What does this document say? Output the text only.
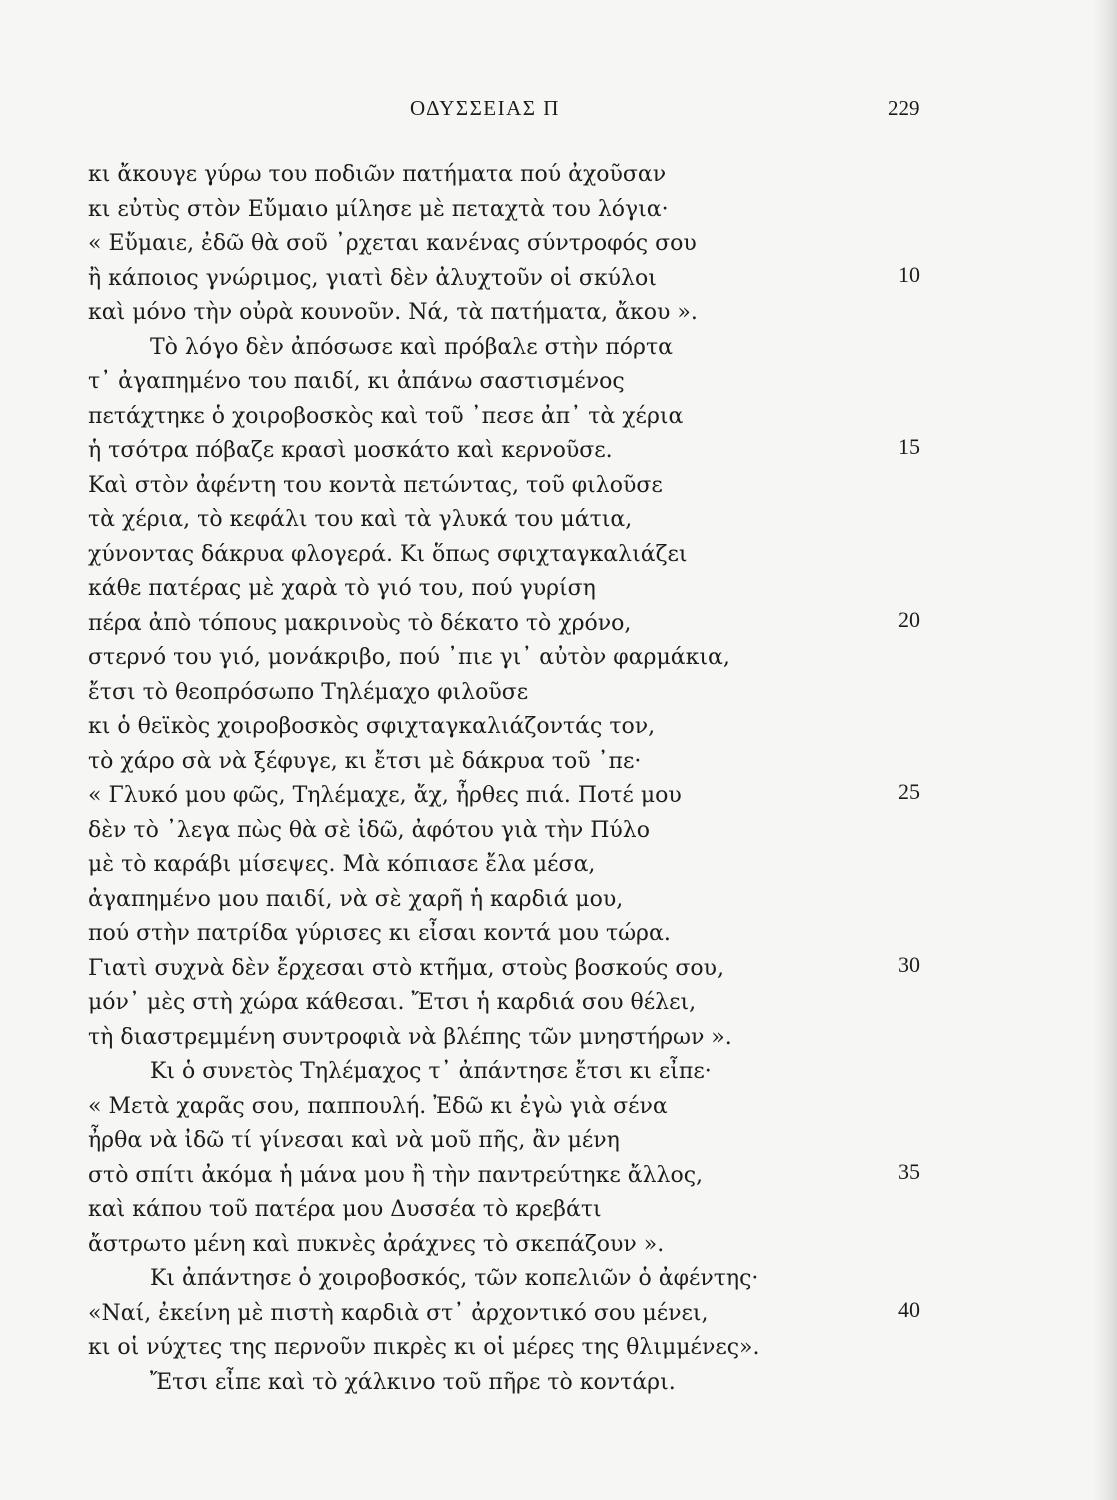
ΟΔΥΣΣΕΙΑΣ Π	229
κι ἄκουγε γύρω του ποδιῶν πατήματα πού ἀχοῦσαν
κι εὐτὺς στὸν Εὔμαιο μίλησε μὲ πεταχτὰ του λόγια·
« Εὔμαιε, ἐδῶ θὰ σοῦ ᾽ρχεται κανένας σύντροφός σου
ἢ κάποιος γνώριμος, γιατὶ δὲν ἀλυχτοῦν οἱ σκύλοι	10
καὶ μόνο τὴν οὐρὰ κουνοῦν. Νά, τὰ πατήματα, ἄκου ».
Τὸ λόγο δὲν ἀπόσωσε καὶ πρόβαλε στὴν πόρτα
τ᾽ ἀγαπημένο του παιδί, κι ἀπάνω σαστισμένος
πετάχτηκε ὁ χοιροβοσκὸς καὶ τοῦ ᾽πεσε ἀπ᾽ τὰ χέρια
ἡ τσότρα πόβαζε κρασὶ μοσκάτο καὶ κερνοῦσε.	15
Καὶ στὸν ἀφέντη του κοντὰ πετώντας, τοῦ φιλοῦσε
τὰ χέρια, τὸ κεφάλι του καὶ τὰ γλυκά του μάτια,
χύνοντας δάκρυα φλογερά. Κι ὅπως σφιχταγκαλιάζει
κάθε πατέρας μὲ χαρὰ τὸ γιό του, πού γυρίση
πέρα ἀπὸ τόπους μακρινοὺς τὸ δέκατο τὸ χρόνο,	20
στερνό του γιό, μονάκριβο, πού ᾽πιε γι᾽ αὐτὸν φαρμάκια,
ἔτσι τὸ θεοπρόσωπο Τηλέμαχο φιλοῦσε
κι ὁ θεϊκὸς χοιροβοσκὸς σφιχταγκαλιάζοντάς τον,
τὸ χάρο σὰ νὰ ξέφυγε, κι ἔτσι μὲ δάκρυα τοῦ ᾽πε·
« Γλυκό μου φῶς, Τηλέμαχε, ἄχ, ἦρθες πιά. Ποτέ μου	25
δὲν τὸ ᾽λεγα πὼς θὰ σὲ ἰδῶ, ἀφότου γιὰ τὴν Πύλο
μὲ τὸ καράβι μίσεψες. Μὰ κόπιασε ἔλα μέσα,
ἀγαπημένο μου παιδί, νὰ σὲ χαρῆ ἡ καρδιά μου,
πού στὴν πατρίδα γύρισες κι εἶσαι κοντά μου τώρα.
Γιατὶ συχνὰ δὲν ἔρχεσαι στὸ κτῆμα, στοὺς βοσκούς σου,	30
μόν᾽ μὲς στὴ χώρα κάθεσαι. Ἔτσι ἡ καρδιά σου θέλει,
τὴ διαστρεμμένη συντροφιὰ νὰ βλέπης τῶν μνηστήρων ».
Κι ὁ συνετὸς Τηλέμαχος τ᾽ ἀπάντησε ἔτσι κι εἶπε·
« Μετὰ χαρᾶς σου, παππουλή. Ἐδῶ κι ἐγὼ γιὰ σένα
ἦρθα νὰ ἰδῶ τί γίνεσαι καὶ νὰ μοῦ πῆς, ἂν μένη
στὸ σπίτι ἀκόμα ἡ μάνα μου ἢ τὴν παντρεύτηκε ἄλλος,	35
καὶ κάπου τοῦ πατέρα μου Δυσσέα τὸ κρεβάτι
ἄστρωτο μένη καὶ πυκνὲς ἀράχνες τὸ σκεπάζουν ».
Κι ἀπάντησε ὁ χοιροβοσκός, τῶν κοπελιῶν ὁ ἀφέντης·
«Ναί, ἐκείνη μὲ πιστὴ καρδιὰ στ᾽ ἀρχοντικό σου μένει,	40
κι οἱ νύχτες της περνοῦν πικρὲς κι οἱ μέρες της θλιμμένες».
Ἔτσι εἶπε καὶ τὸ χάλκινο τοῦ πῆρε τὸ κοντάρι.
